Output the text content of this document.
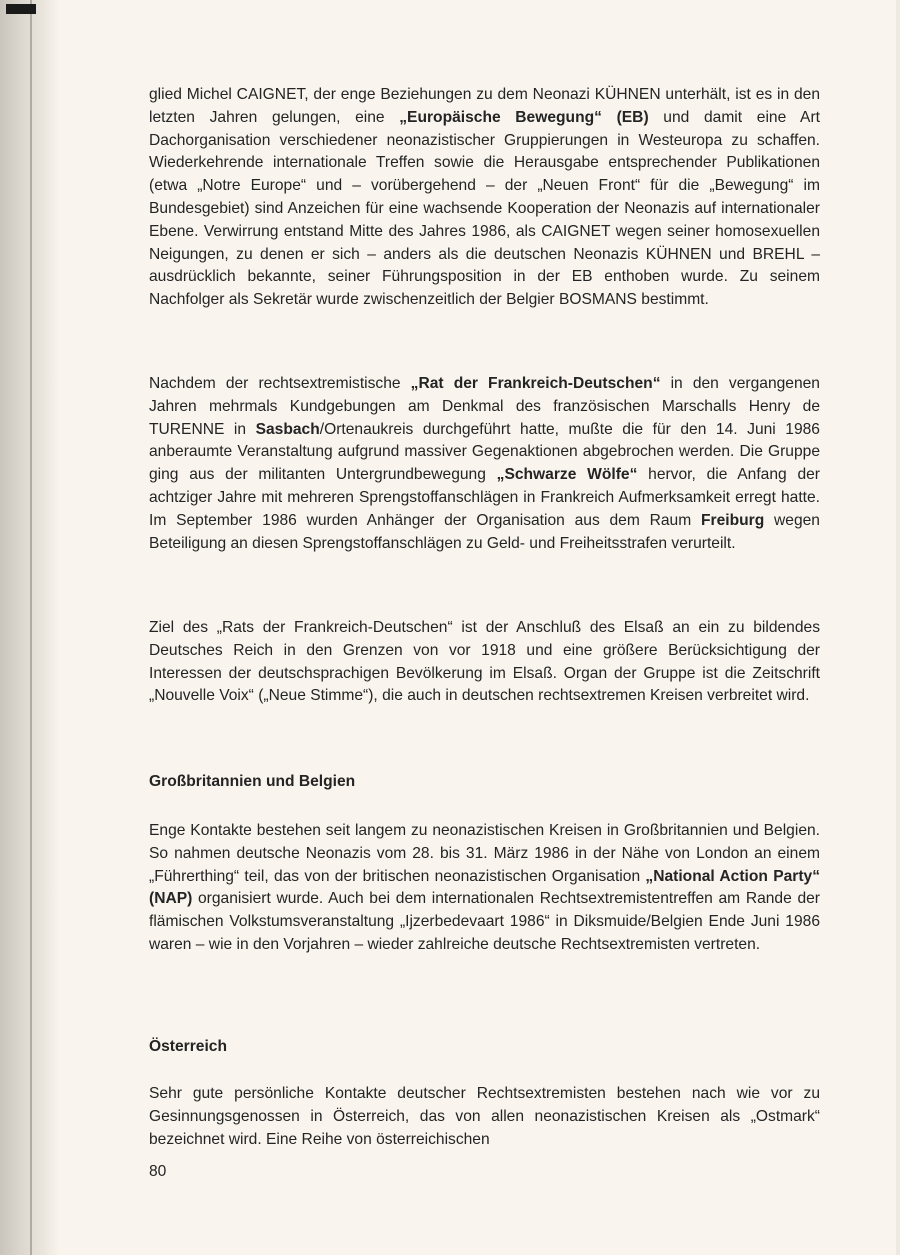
glied Michel CAIGNET, der enge Beziehungen zu dem Neonazi KÜHNEN unterhält, ist es in den letzten Jahren gelungen, eine „Europäische Bewegung“ (EB) und damit eine Art Dachorganisation verschiedener neonazistischer Gruppierungen in Westeuropa zu schaffen. Wiederkehrende internationale Treffen sowie die Herausgabe entsprechender Publikationen (etwa „Notre Europe“ und – vorübergehend – der „Neuen Front“ für die „Bewegung“ im Bundesgebiet) sind Anzeichen für eine wachsende Kooperation der Neonazis auf internationaler Ebene. Verwirrung entstand Mitte des Jahres 1986, als CAIGNET wegen seiner homosexuellen Neigungen, zu denen er sich – anders als die deutschen Neonazis KÜHNEN und BREHL – ausdrücklich bekannte, seiner Führungsposition in der EB enthoben wurde. Zu seinem Nachfolger als Sekretär wurde zwischenzeitlich der Belgier BOSMANS bestimmt.

Nachdem der rechtsextremistische „Rat der Frankreich-Deutschen“ in den vergangenen Jahren mehrmals Kundgebungen am Denkmal des französischen Marschalls Henry de TURENNE in Sasbach/Ortenaukreis durchgeführt hatte, mußte die für den 14. Juni 1986 anberaumte Veranstaltung aufgrund massiver Gegenaktionen abgebrochen werden. Die Gruppe ging aus der militanten Untergrundbewegung „Schwarze Wölfe“ hervor, die Anfang der achtziger Jahre mit mehreren Sprengstoffanschlägen in Frankreich Aufmerksamkeit erregt hatte. Im September 1986 wurden Anhänger der Organisation aus dem Raum Freiburg wegen Beteiligung an diesen Sprengstoffanschlägen zu Geld- und Freiheitsstrafen verurteilt.

Ziel des „Rats der Frankreich-Deutschen“ ist der Anschluß des Elsaß an ein zu bildendes Deutsches Reich in den Grenzen von vor 1918 und eine größere Berücksichtigung der Interessen der deutschsprachigen Bevölkerung im Elsaß. Organ der Gruppe ist die Zeitschrift „Nouvelle Voix“ („Neue Stimme“), die auch in deutschen rechtsextremen Kreisen verbreitet wird.

Großbritannien und Belgien

Enge Kontakte bestehen seit langem zu neonazistischen Kreisen in Großbritannien und Belgien. So nahmen deutsche Neonazis vom 28. bis 31. März 1986 in der Nähe von London an einem „Führerthing“ teil, das von der britischen neonazistischen Organisation „National Action Party“ (NAP) organisiert wurde. Auch bei dem internationalen Rechtsextremistentreffen am Rande der flämischen Volkstumsveranstaltung „Ijzerbedevaart 1986“ in Diksmuide/Belgien Ende Juni 1986 waren – wie in den Vorjahren – wieder zahlreiche deutsche Rechtsextremisten vertreten.

Österreich

Sehr gute persönliche Kontakte deutscher Rechtsextremisten bestehen nach wie vor zu Gesinnungsgenossen in Österreich, das von allen neonazistischen Kreisen als „Ostmark“ bezeichnet wird. Eine Reihe von österreichischen

80
